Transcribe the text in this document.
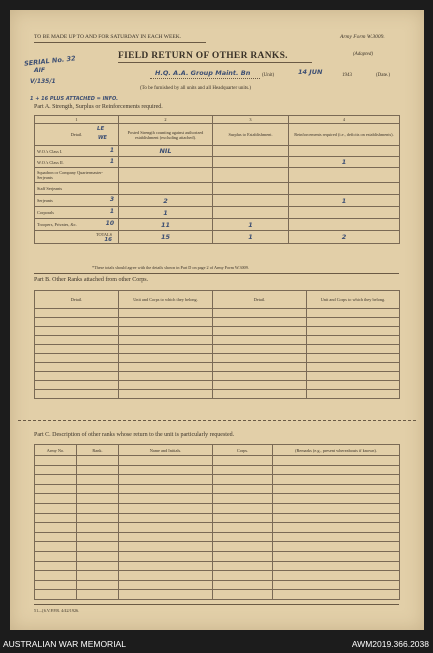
TO BE MADE UP TO AND FOR SATURDAY IN EACH WEEK.	Army Form W.3009.
(Adapted)
FIELD RETURN OF OTHER RANKS.
SERIAL No. 32
AIF
V/135/1
1 + 16 PLUS ATTACHED = INFO.
H.Q. A.A. Group Maint. Bn (Unit)	14 JUN	1943	(Date.)
(To be furnished by all units and all Headquarter units.)
Part A. Strength, Surplus or Reinforcements required.
1	2	3	4
Detail.
LE
WE	Posted Strength counting against authorized establishment (excluding attached).	Surplus to Establishment.	Reinforcements required (i.e., deficits on establishments).
W.O.'s Class I. 1	NIL		
W.O.'s Class II. 1			1
Squadron or Company Quartermaster-Serjeants

Staff Serjeants

Serjeants 3	2		1
Corporals 1	1		
Troopers, Privates, &c. 10	11	1	
TOTALS
16	15	1	2
*These totals should agree with the details shown in Part D on page 2 of Army Form W.3009.
Part B. Other Ranks attached from other Corps.
Detail.	Unit and Corps to which they belong.	Detail.	Unit and Corps to which they belong.

Part C. Description of other ranks whose return to the unit is particularly requested.
Army No.	Rank.	Name and Initials.	Corps.	(Remarks (e.g., present whereabouts if known).

51—[6.V.P.P.R. 4/42/1926.
AUSTRALIAN WAR MEMORIAL	AWM2019.366.2038
